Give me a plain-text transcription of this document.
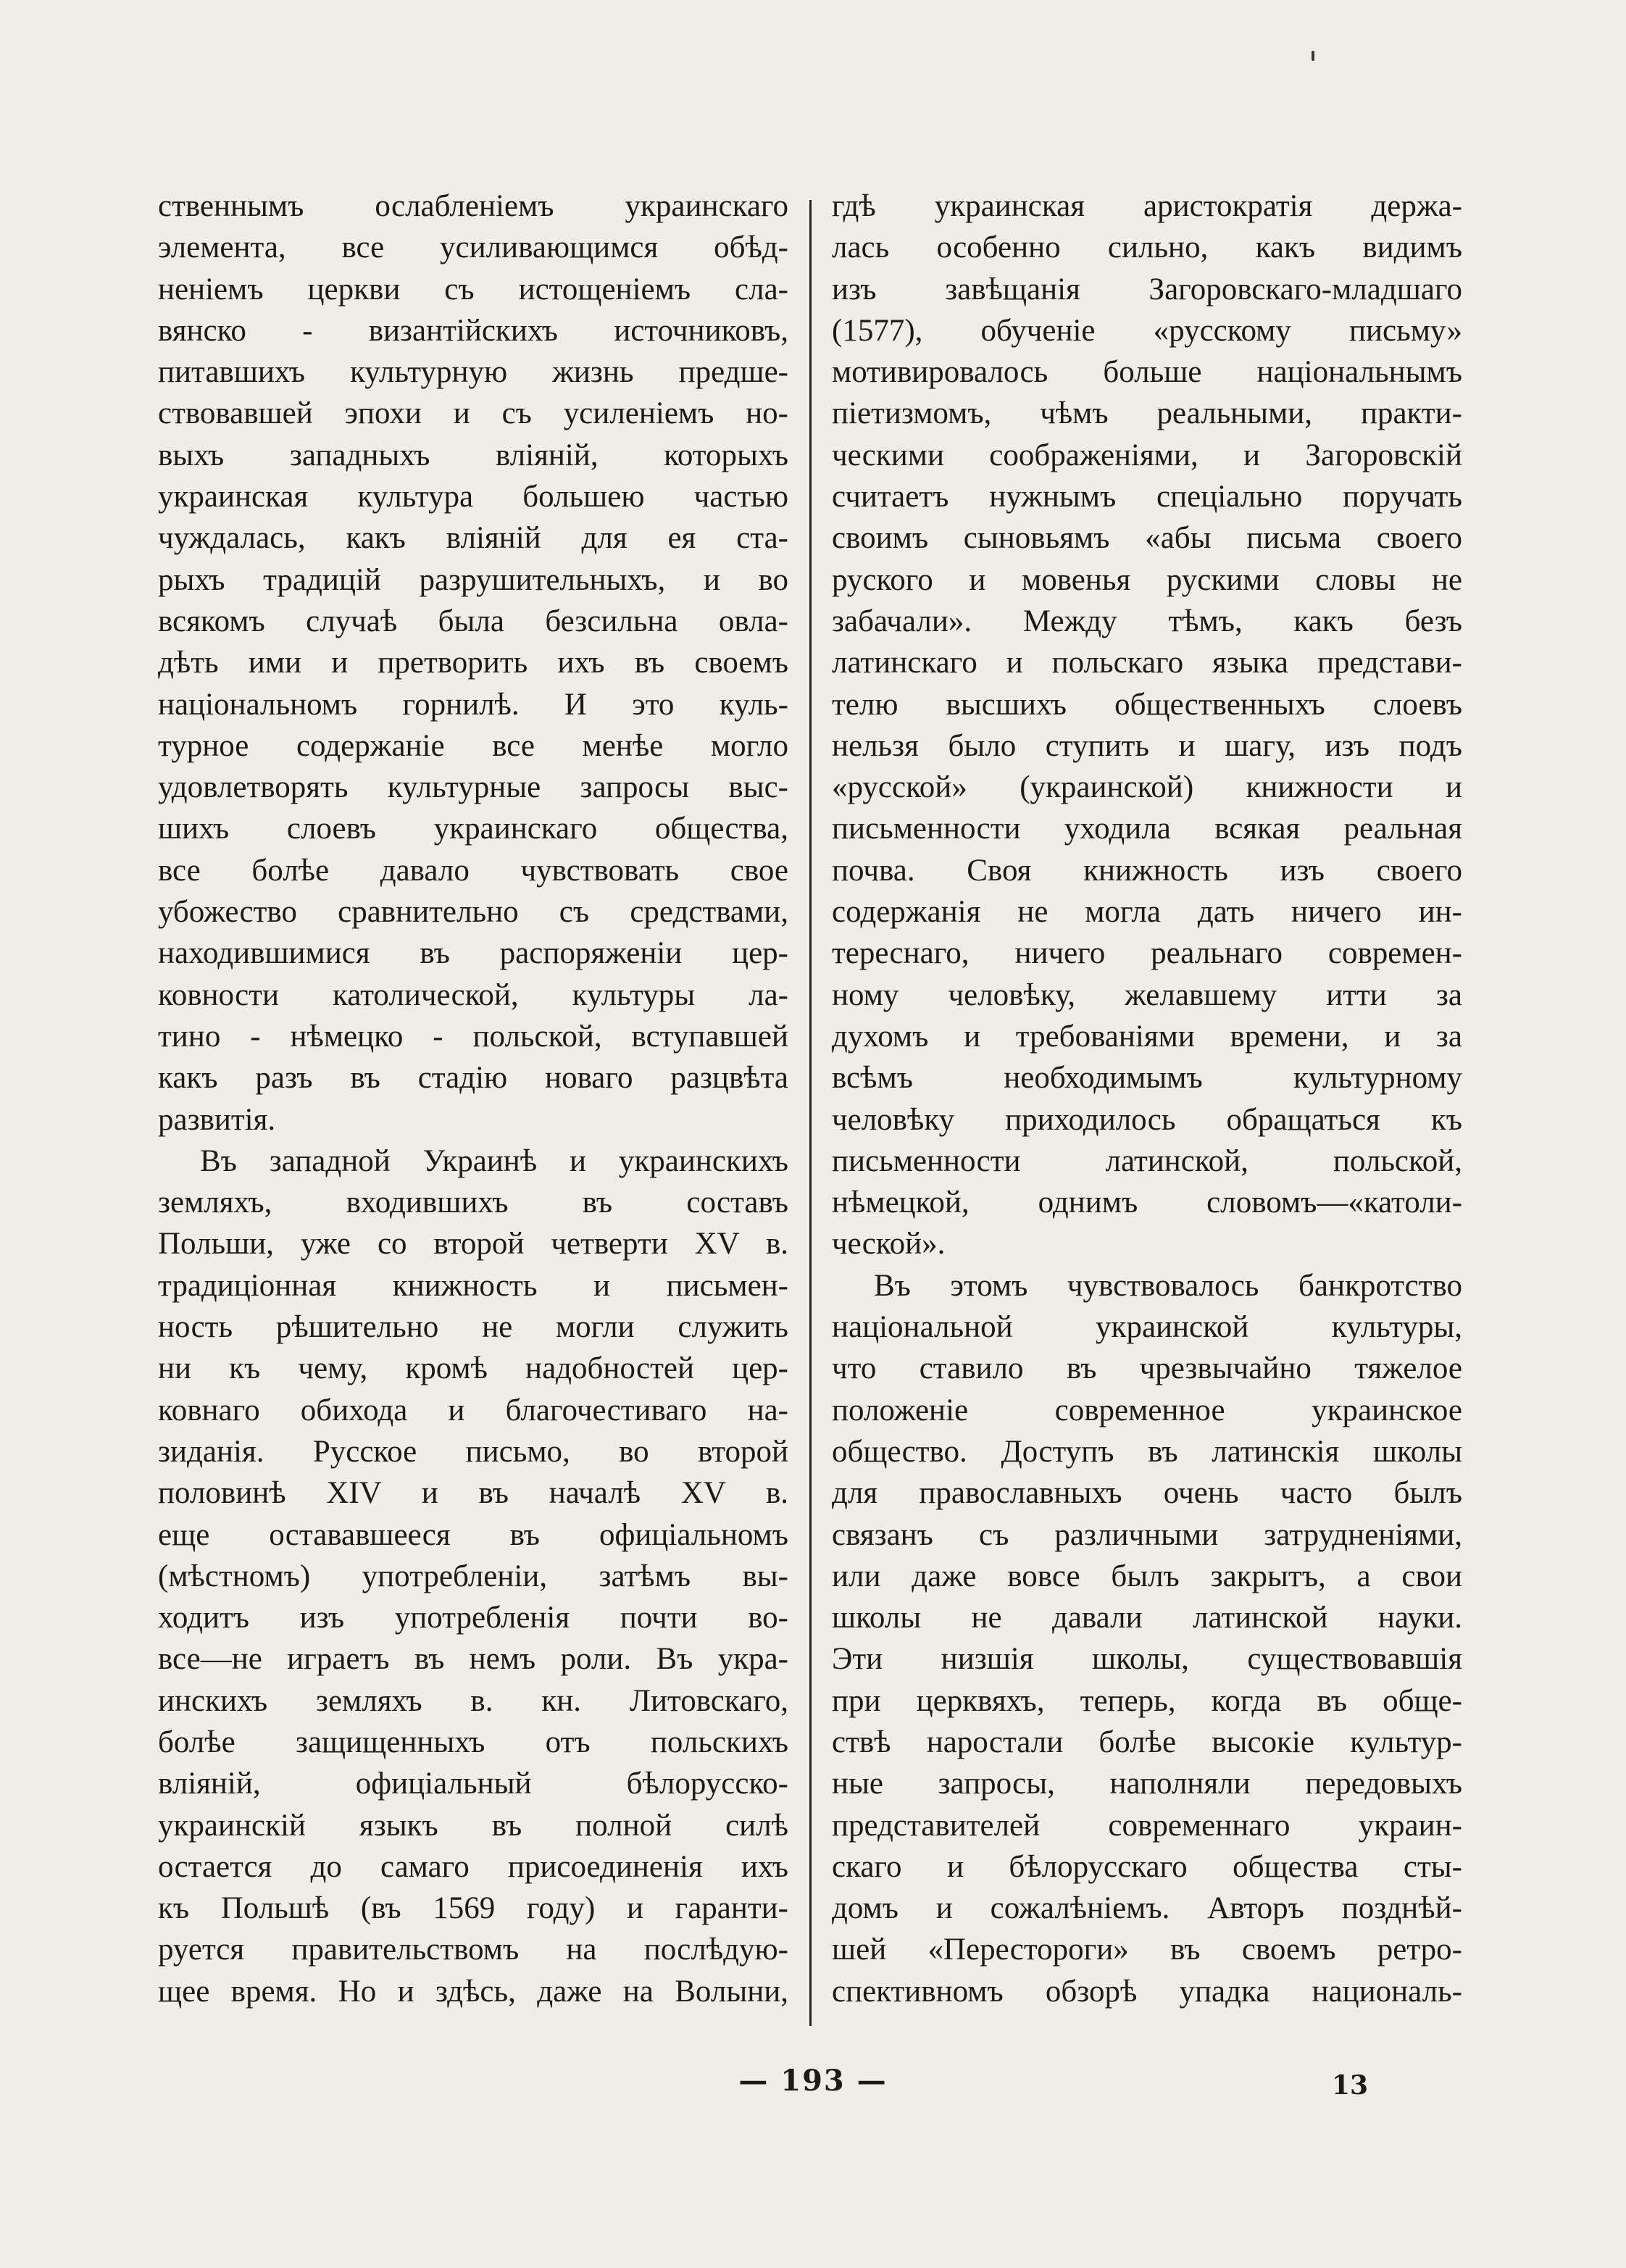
ственнымъ ослабленіемъ украинскаго
элемента, все усиливающимся обѣд-
неніемъ церкви съ истощеніемъ сла-
вянско - византійскихъ источниковъ,
питавшихъ культурную жизнь предше-
ствовавшей эпохи и съ усиленіемъ но-
выхъ западныхъ вліяній, которыхъ
украинская культура большею частью
чуждалась, какъ вліяній для ея ста-
рыхъ традицій разрушительныхъ, и во
всякомъ случаѣ была безсильна овла-
дѣть ими и претворить ихъ въ своемъ
національномъ горнилѣ. И это куль-
турное содержаніе все менѣе могло
удовлетворять культурные запросы выс-
шихъ слоевъ украинскаго общества,
все болѣе давало чувствовать свое
убожество сравнительно съ средствами,
находившимися въ распоряженіи цер-
ковности католической, культуры ла-
тино - нѣмецко - польской, вступавшей
какъ разъ въ стадію новаго разцвѣта
развитія.
Въ западной Украинѣ и украинскихъ
земляхъ, входившихъ въ составъ
Польши, уже со второй четверти XV в.
традиціонная книжность и письмен-
ность рѣшительно не могли служить
ни къ чему, кромѣ надобностей цер-
ковнаго обихода и благочестиваго на-
зиданія. Русское письмо, во второй
половинѣ XIV и въ началѣ XV в.
еще остававшееся въ офиціальномъ
(мѣстномъ) употребленіи, затѣмъ вы-
ходитъ изъ употребленія почти во-
все—не играетъ въ немъ роли. Въ укра-
инскихъ земляхъ в. кн. Литовскаго,
болѣе защищенныхъ отъ польскихъ
вліяній, офиціальный бѣлорусско-
украинскій языкъ въ полной силѣ
остается до самаго присоединенія ихъ
къ Польшѣ (въ 1569 году) и гаранти-
руется правительствомъ на послѣдую-
щее время. Но и здѣсь, даже на Волыни,
гдѣ украинская аристократія держа-
лась особенно сильно, какъ видимъ
изъ завѣщанія Загоровскаго-младшаго
(1577), обученіе «русскому письму»
мотивировалось больше національнымъ
піетизмомъ, чѣмъ реальными, практи-
ческими соображеніями, и Загоровскій
считаетъ нужнымъ спеціально поручать
своимъ сыновьямъ «абы письма своего
руского и мовенья рускими словы не
забачали». Между тѣмъ, какъ безъ
латинскаго и польскаго языка представи-
телю высшихъ общественныхъ слоевъ
нельзя было ступить и шагу, изъ подъ
«русской» (украинской) книжности и
письменности уходила всякая реальная
почва. Своя книжность изъ своего
содержанія не могла дать ничего ин-
тереснаго, ничего реальнаго современ-
ному человѣку, желавшему итти за
духомъ и требованіями времени, и за
всѣмъ необходимымъ культурному
человѣку приходилось обращаться къ
письменности латинской, польской,
нѣмецкой, однимъ словомъ—«католи-
ческой».
Въ этомъ чувствовалось банкротство
національной украинской культуры,
что ставило въ чрезвычайно тяжелое
положеніе современное украинское
общество. Доступъ въ латинскія школы
для православныхъ очень часто былъ
связанъ съ различными затрудненіями,
или даже вовсе былъ закрытъ, а свои
школы не давали латинской науки.
Эти низшія школы, существовавшія
при церквяхъ, теперь, когда въ обще-
ствѣ наростали болѣе высокіе культур-
ные запросы, наполняли передовыхъ
представителей современнаго украин-
скаго и бѣлорусскаго общества сты-
домъ и сожалѣніемъ. Авторъ позднѣй-
шей «Перестороги» въ своемъ ретро-
спективномъ обзорѣ упадка националь-
— 193 —	13
